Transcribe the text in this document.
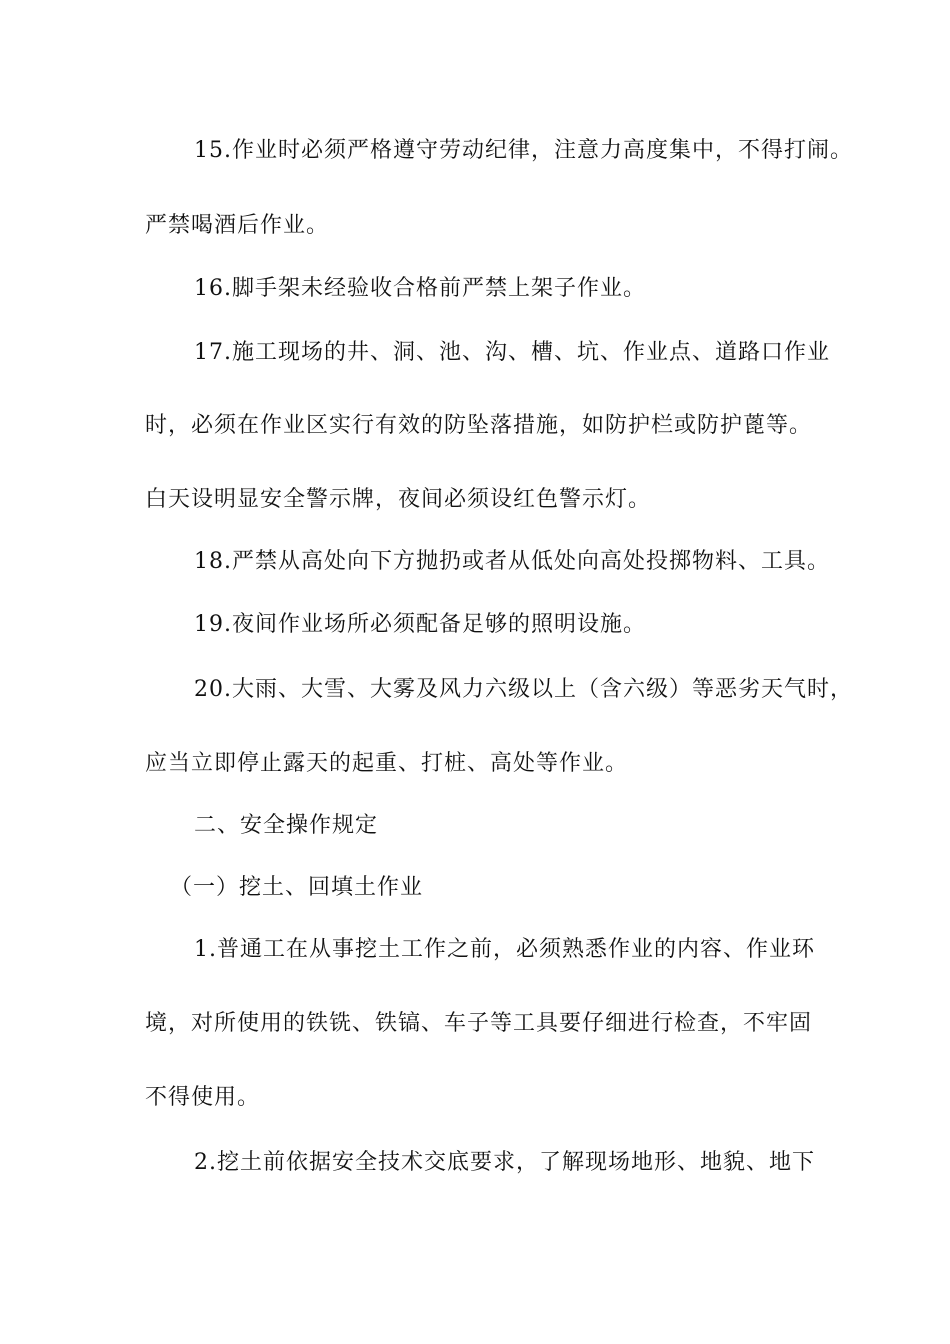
15.作业时必须严格遵守劳动纪律，注意力高度集中，不得打闹。
严禁喝酒后作业。
16.脚手架未经验收合格前严禁上架子作业。
17.施工现场的井、洞、池、沟、槽、坑、作业点、道路口作业
时，必须在作业区实行有效的防坠落措施，如防护栏或防护蓖等。
白天设明显安全警示牌，夜间必须设红色警示灯。
18.严禁从高处向下方抛扔或者从低处向高处投掷物料、工具。
19.夜间作业场所必须配备足够的照明设施。
20.大雨、大雪、大雾及风力六级以上（含六级）等恶劣天气时，
应当立即停止露天的起重、打桩、高处等作业。
二、安全操作规定
（一）挖土、回填土作业
1.普通工在从事挖土工作之前，必须熟悉作业的内容、作业环
境，对所使用的铁铣、铁镐、车子等工具要仔细进行检查，不牢固
不得使用。
2.挖土前依据安全技术交底要求，了解现场地形、地貌、地下
